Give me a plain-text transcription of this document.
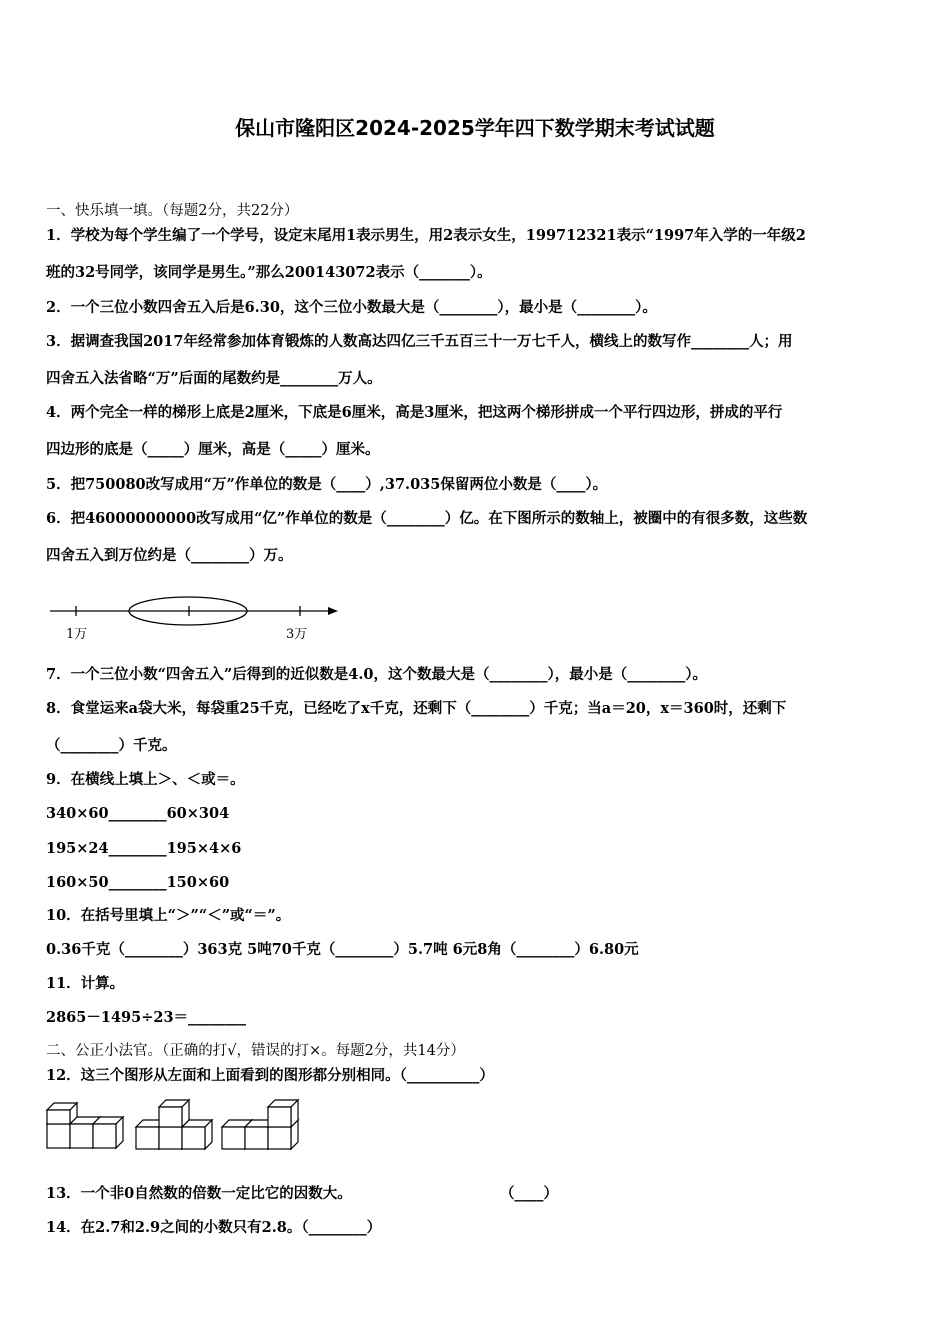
保山市隆阳区2024-2025学年四下数学期末考试试题
一、快乐填一填。（每题2分，共22分）
1．学校为每个学生编了一个学号，设定末尾用1表示男生，用2表示女生，199712321表示“1997年入学的一年级2
班的32号同学，该同学是男生。”那么200143072表示（_______）。
2．一个三位小数四舍五入后是6.30，这个三位小数最大是（________），最小是（________）。
3．据调查我国2017年经常参加体育锻炼的人数高达四亿三千五百三十一万七千人，横线上的数写作________人；用
四舍五入法省略“万”后面的尾数约是________万人。
4．两个完全一样的梯形上底是2厘米，下底是6厘米，高是3厘米，把这两个梯形拼成一个平行四边形，拼成的平行
四边形的底是（_____）厘米，高是（_____）厘米。
5．把750080改写成用“万”作单位的数是（____）,37.035保留两位小数是（____）。
6．把46000000000改写成用“亿”作单位的数是（________）亿。在下图所示的数轴上，被圈中的有很多数，这些数
四舍五入到万位约是（________）万。
1万	3万
7．一个三位小数“四舍五入”后得到的近似数是4.0，这个数最大是（________），最小是（________）。
8．食堂运来a袋大米，每袋重25千克，已经吃了x千克，还剩下（________）千克；当a＝20，x＝360时，还剩下
（________）千克。
9．在横线上填上＞、＜或＝。
340×60________60×304
195×24________195×4×6
160×50________150×60
10．在括号里填上“＞”“＜”或“＝”。
0.36千克（________）363克 5吨70千克（________）5.7吨 6元8角（________）6.80元
11．计算。
2865－1495÷23＝________
二、公正小法官。（正确的打√，错误的打×。每题2分，共14分）
12．这三个图形从左面和上面看到的图形都分别相同。（__________）
13．一个非0自然数的倍数一定比它的因数大。	（____）
14．在2.7和2.9之间的小数只有2.8。（________）
